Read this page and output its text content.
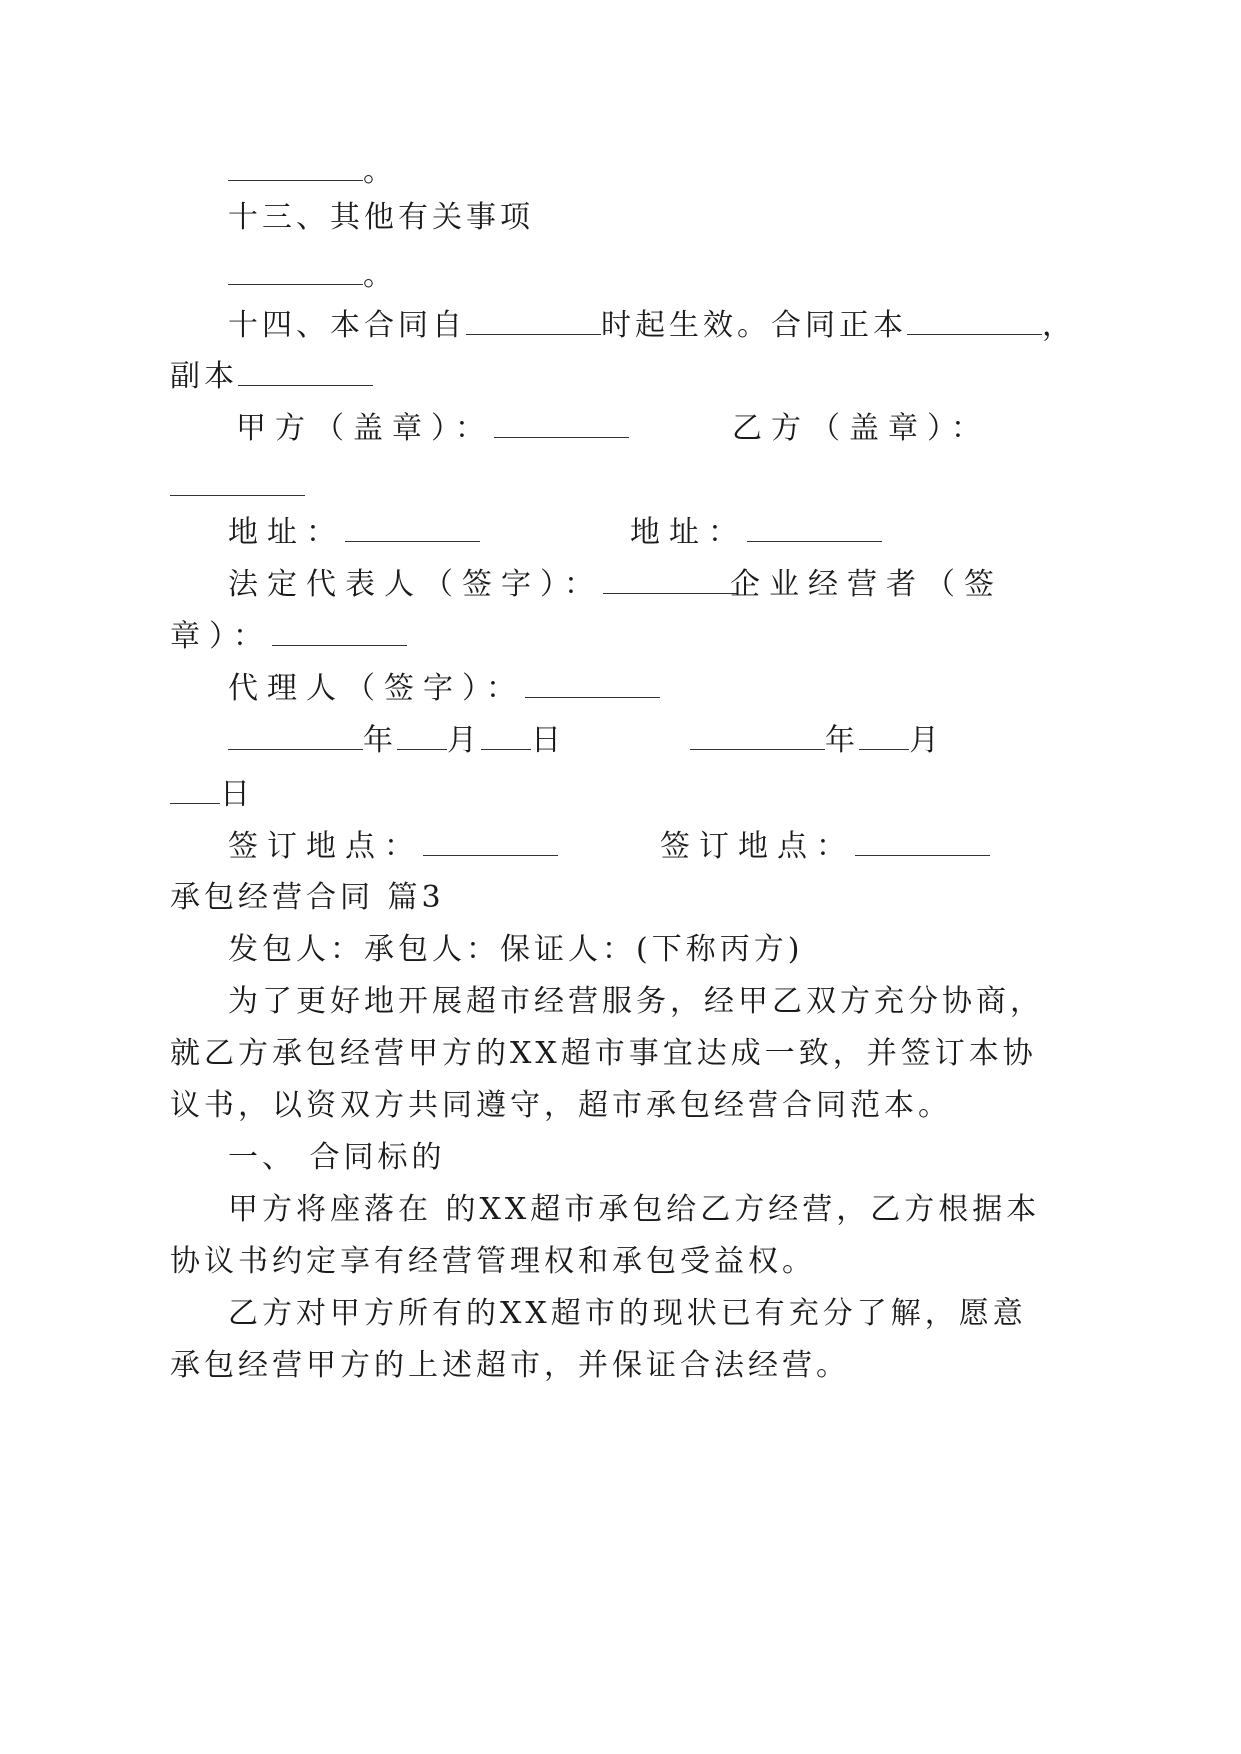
。

十三、其他有关事项

。

十四、本合同自	时起生效。合同正本	，

副本

甲方（盖章）：	乙方（盖章）：

地址：	地址：

法定代表人（签字）：	企业经营者（签

章）：

代理人（签字）：

年 月 日	年 月

日

签订地点：	签订地点：

承包经营合同 篇3

发包人：承包人：保证人：(下称丙方)

为了更好地开展超市经营服务，经甲乙双方充分协商，

就乙方承包经营甲方的XX超市事宜达成一致，并签订本协

议书，以资双方共同遵守，超市承包经营合同范本。

一、 合同标的

甲方将座落在 的XX超市承包给乙方经营，乙方根据本

协议书约定享有经营管理权和承包受益权。

乙方对甲方所有的XX超市的现状已有充分了解，愿意

承包经营甲方的上述超市，并保证合法经营。
